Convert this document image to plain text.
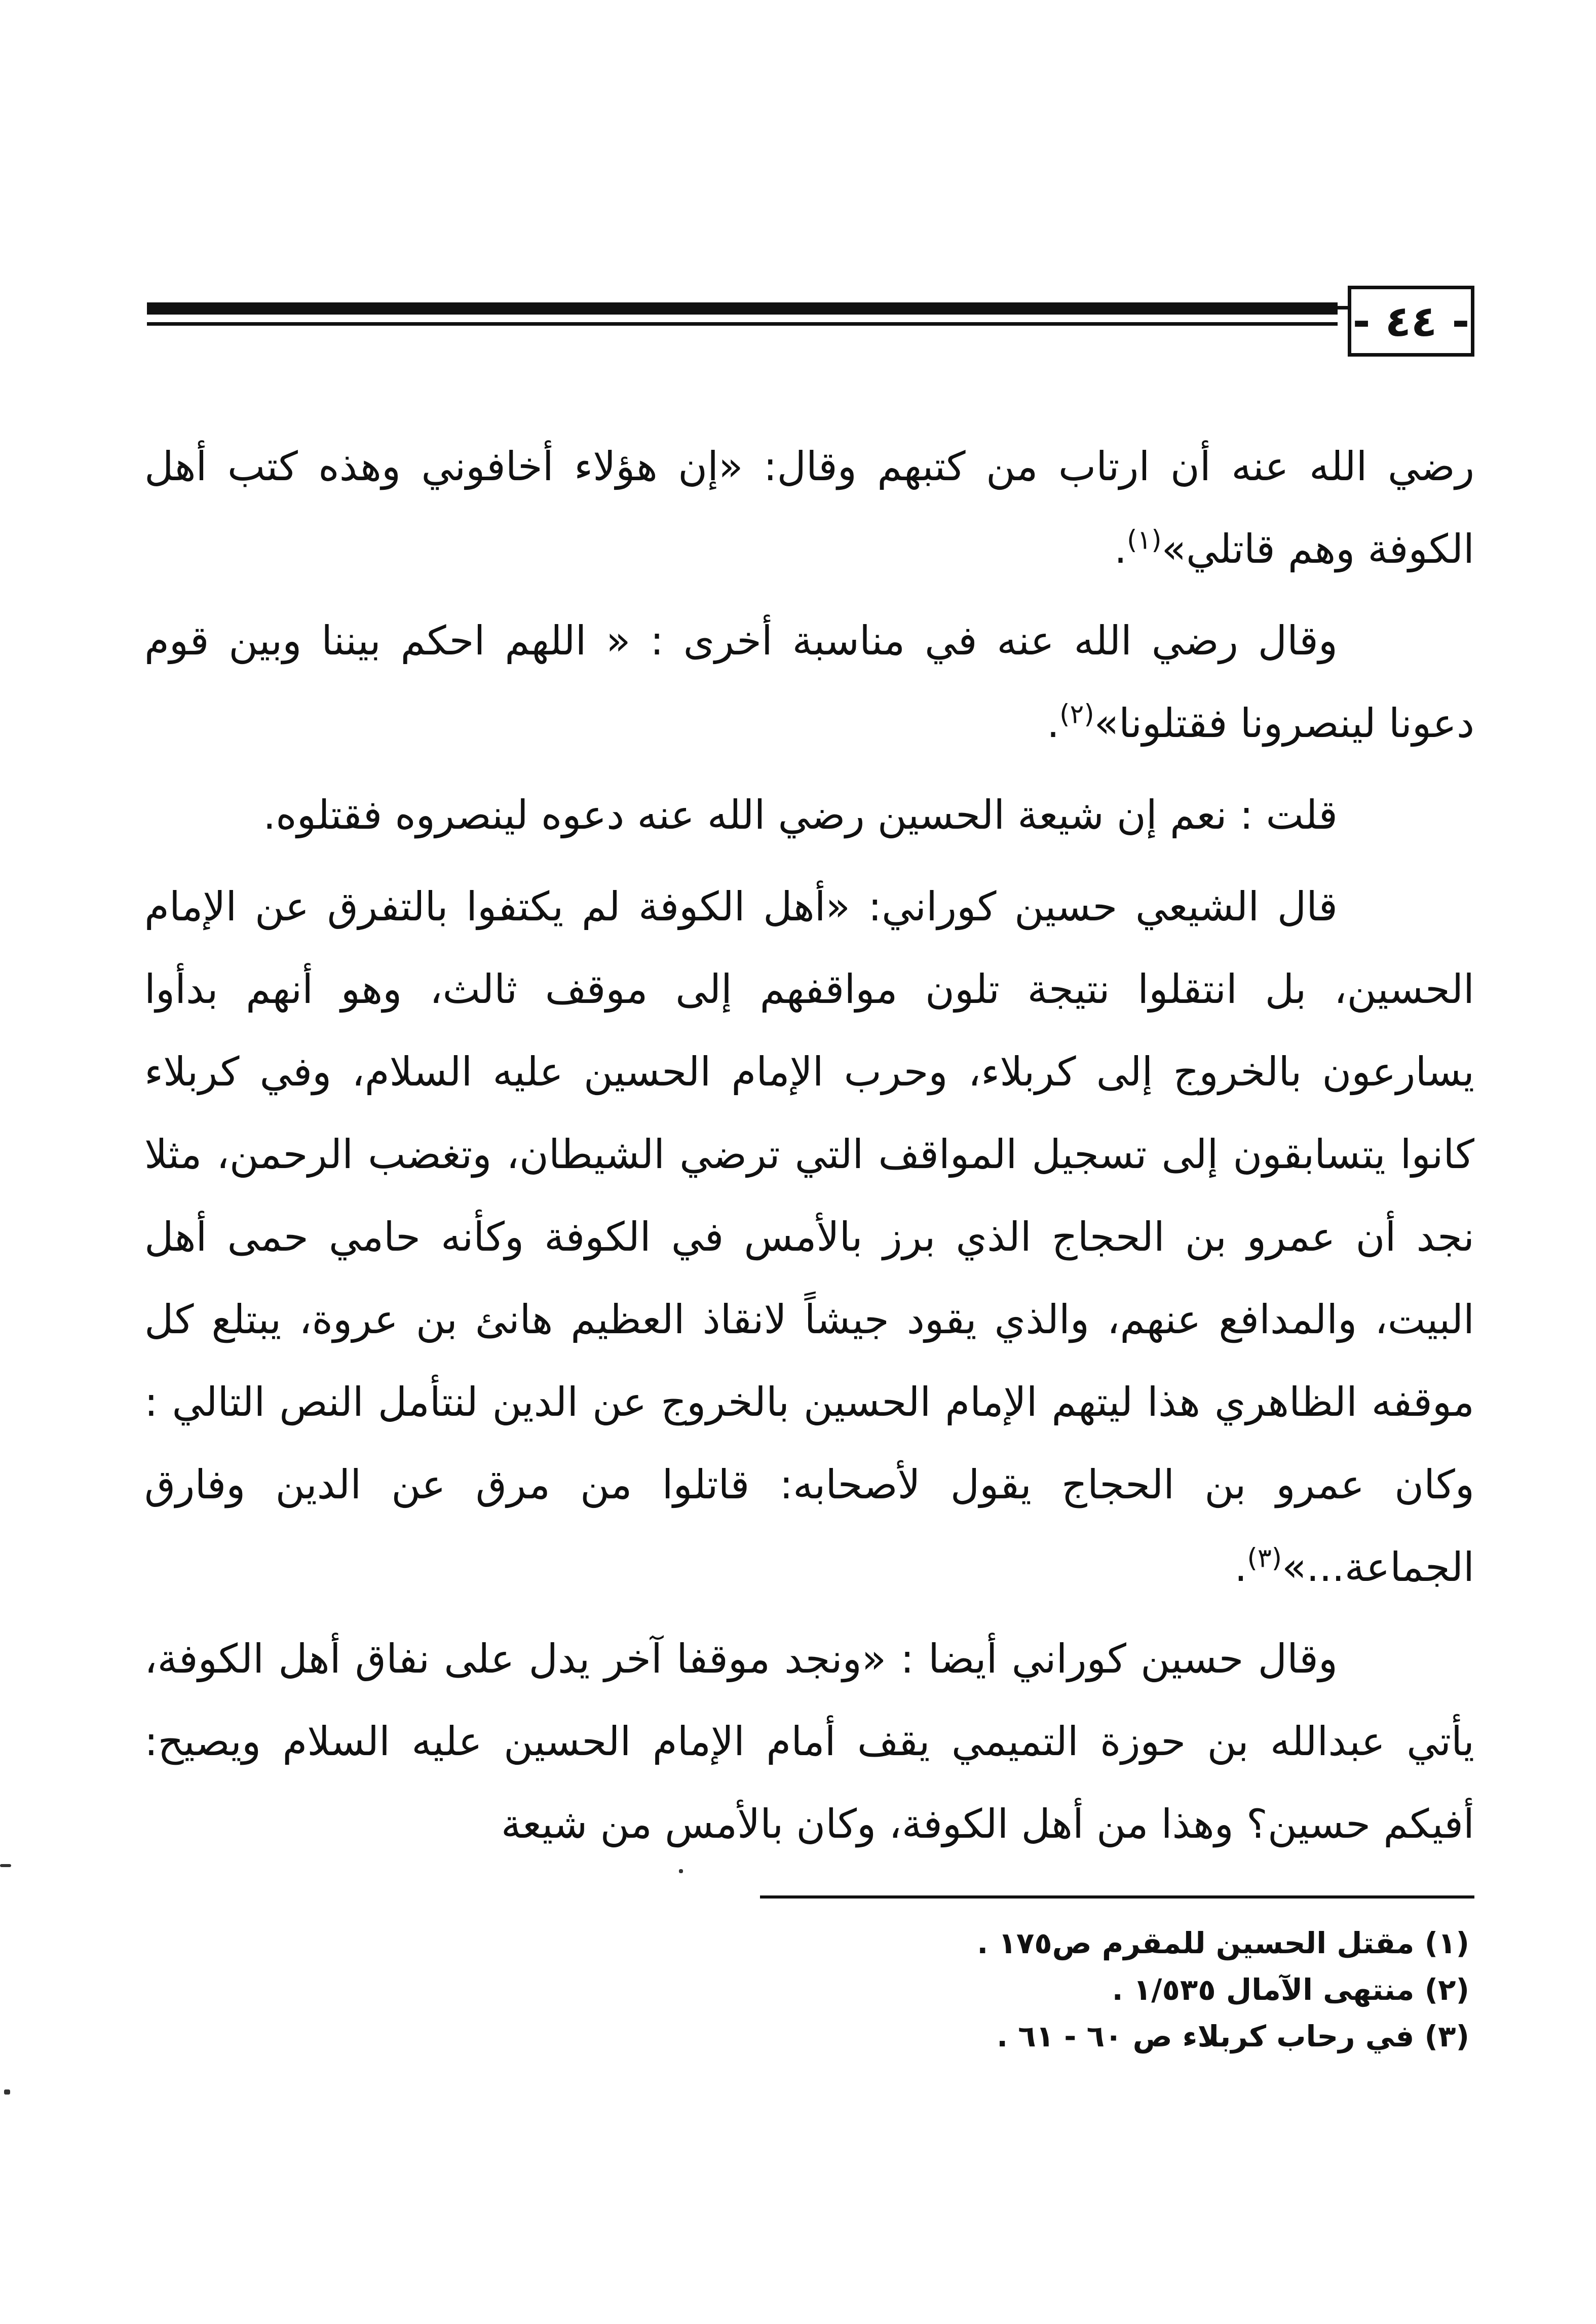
- ٤٤ -

رضي الله عنه أن ارتاب من كتبهم وقال: «إن هؤلاء أخافوني وهذه كتب أهل الكوفة وهم قاتلي»$^{(١)}$.

وقال رضي الله عنه في مناسبة أخرى : « اللهم احكم بيننا وبين قوم دعونا لينصرونا فقتلونا»$^{(٢)}$.

قلت : نعم إن شيعة الحسين رضي الله عنه دعوه لينصروه فقتلوه.

قال الشيعي حسين كوراني: «أهل الكوفة لم يكتفوا بالتفرق عن الإمام الحسين، بل انتقلوا نتيجة تلون مواقفهم إلى موقف ثالث، وهو أنهم بدأوا يسارعون بالخروج إلى كربلاء، وحرب الإمام الحسين عليه السلام، وفي كربلاء كانوا يتسابقون إلى تسجيل المواقف التي ترضي الشيطان، وتغضب الرحمن، مثلا نجد أن عمرو بن الحجاج الذي برز بالأمس في الكوفة وكأنه حامي حمى أهل البيت، والمدافع عنهم، والذي يقود جيشاً لانقاذ العظيم هانئ بن عروة، يبتلع كل موقفه الظاهري هذا ليتهم الإمام الحسين بالخروج عن الدين لنتأمل النص التالي : وكان عمرو بن الحجاج يقول لأصحابه: قاتلوا من مرق عن الدين وفارق الجماعة...»$^{(٣)}$.

وقال حسين كوراني أيضا : «ونجد موقفا آخر يدل على نفاق أهل الكوفة، يأتي عبدالله بن حوزة التميمي يقف أمام الإمام الحسين عليه السلام ويصيح: أفيكم حسين؟ وهذا من أهل الكوفة، وكان بالأمس من شيعة

(١) مقتل الحسين للمقرم ص١٧٥ .

(٢) منتهى الآمال ١/٥٣٥ .

(٣) في رحاب كربلاء ص ٦٠ - ٦١ .
